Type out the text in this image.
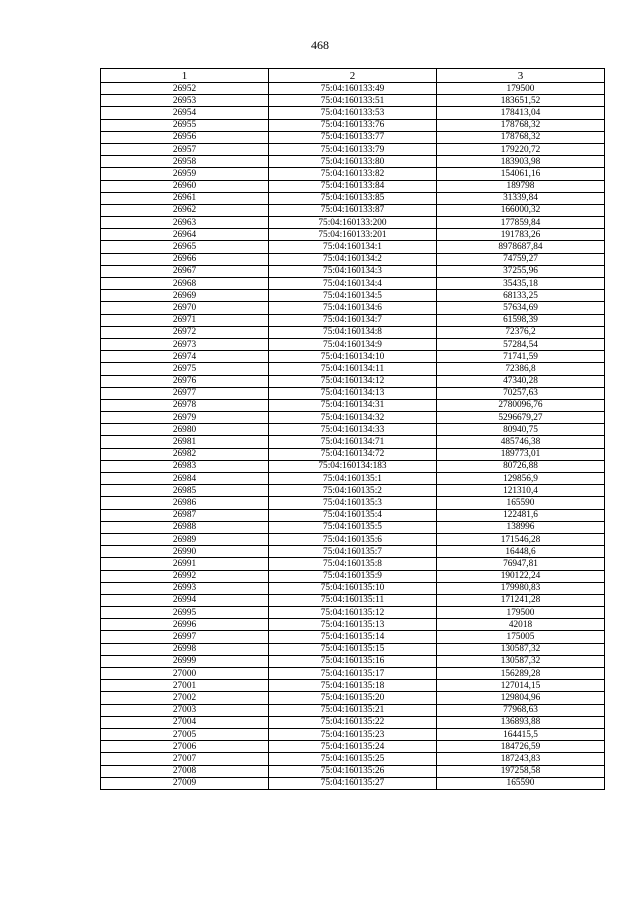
468
1	2	3
26952	75:04:160133:49	179500
26953	75:04:160133:51	183651,52
26954	75:04:160133:53	178413,04
26955	75:04:160133:76	178768,32
26956	75:04:160133:77	178768,32
26957	75:04:160133:79	179220,72
26958	75:04:160133:80	183903,98
26959	75:04:160133:82	154061,16
26960	75:04:160133:84	189798
26961	75:04:160133:85	31339,84
26962	75:04:160133:87	166000,32
26963	75:04:160133:200	177859,84
26964	75:04:160133:201	191783,26
26965	75:04:160134:1	8978687,84
26966	75:04:160134:2	74759,27
26967	75:04:160134:3	37255,96
26968	75:04:160134:4	35435,18
26969	75:04:160134:5	68133,25
26970	75:04:160134:6	57634,69
26971	75:04:160134:7	61598,39
26972	75:04:160134:8	72376,2
26973	75:04:160134:9	57284,54
26974	75:04:160134:10	71741,59
26975	75:04:160134:11	72386,8
26976	75:04:160134:12	47340,28
26977	75:04:160134:13	70257,63
26978	75:04:160134:31	2780096,76
26979	75:04:160134:32	5296679,27
26980	75:04:160134:33	80940,75
26981	75:04:160134:71	485746,38
26982	75:04:160134:72	189773,01
26983	75:04:160134:183	80726,88
26984	75:04:160135:1	129856,9
26985	75:04:160135:2	121310,4
26986	75:04:160135:3	165590
26987	75:04:160135:4	122481,6
26988	75:04:160135:5	138996
26989	75:04:160135:6	171546,28
26990	75:04:160135:7	16448,6
26991	75:04:160135:8	76947,81
26992	75:04:160135:9	190122,24
26993	75:04:160135:10	179980,83
26994	75:04:160135:11	171241,28
26995	75:04:160135:12	179500
26996	75:04:160135:13	42018
26997	75:04:160135:14	175005
26998	75:04:160135:15	130587,32
26999	75:04:160135:16	130587,32
27000	75:04:160135:17	156289,28
27001	75:04:160135:18	127014,15
27002	75:04:160135:20	129804,96
27003	75:04:160135:21	77968,63
27004	75:04:160135:22	136893,88
27005	75:04:160135:23	164415,5
27006	75:04:160135:24	184726,59
27007	75:04:160135:25	187243,83
27008	75:04:160135:26	197258,58
27009	75:04:160135:27	165590
